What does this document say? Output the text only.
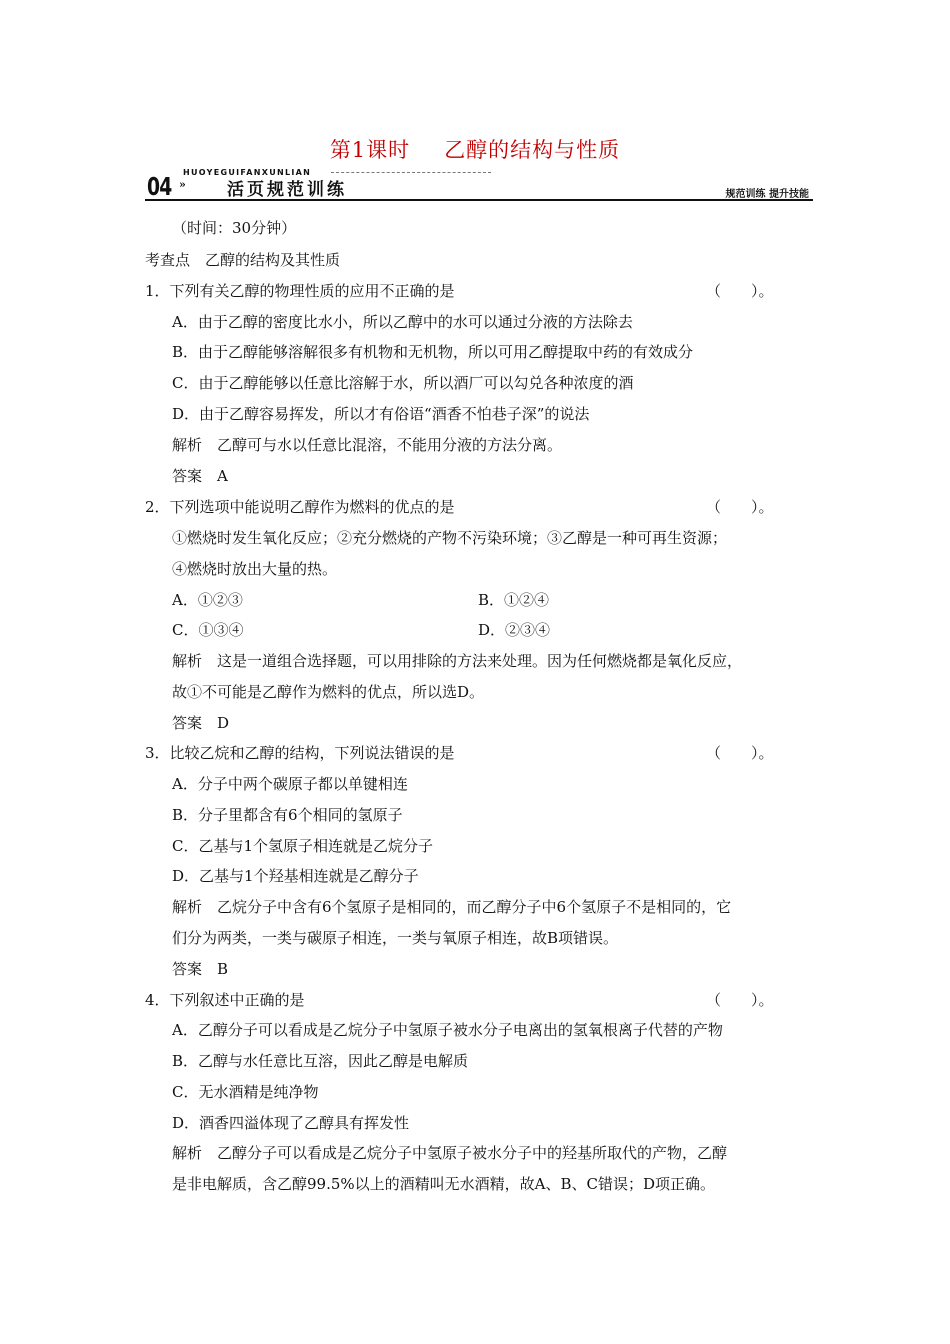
第1课时 乙醇的结构与性质
HUOYEGUIFANXUNLIAN
04 » 活页规范训练	规范训练 提升技能
（时间：30分钟）
考查点　乙醇的结构及其性质
1．下列有关乙醇的物理性质的应用不正确的是	（　　）。
A．由于乙醇的密度比水小，所以乙醇中的水可以通过分液的方法除去
B．由于乙醇能够溶解很多有机物和无机物，所以可用乙醇提取中药的有效成分
C．由于乙醇能够以任意比溶解于水，所以酒厂可以勾兑各种浓度的酒
D．由于乙醇容易挥发，所以才有俗语“酒香不怕巷子深”的说法
解析　乙醇可与水以任意比混溶，不能用分液的方法分离。
答案　A
2．下列选项中能说明乙醇作为燃料的优点的是	（　　）。
①燃烧时发生氧化反应；②充分燃烧的产物不污染环境；③乙醇是一种可再生资源；
④燃烧时放出大量的热。
A．①②③	B．①②④
C．①③④	D．②③④
解析　这是一道组合选择题，可以用排除的方法来处理。因为任何燃烧都是氧化反应，
故①不可能是乙醇作为燃料的优点，所以选D。
答案　D
3．比较乙烷和乙醇的结构，下列说法错误的是	（　　）。
A．分子中两个碳原子都以单键相连
B．分子里都含有6个相同的氢原子
C．乙基与1个氢原子相连就是乙烷分子
D．乙基与1个羟基相连就是乙醇分子
解析　乙烷分子中含有6个氢原子是相同的，而乙醇分子中6个氢原子不是相同的，它
们分为两类，一类与碳原子相连，一类与氧原子相连，故B项错误。
答案　B
4．下列叙述中正确的是	（　　）。
A．乙醇分子可以看成是乙烷分子中氢原子被水分子电离出的氢氧根离子代替的产物
B．乙醇与水任意比互溶，因此乙醇是电解质
C．无水酒精是纯净物
D．酒香四溢体现了乙醇具有挥发性
解析　乙醇分子可以看成是乙烷分子中氢原子被水分子中的羟基所取代的产物，乙醇
是非电解质，含乙醇99.5%以上的酒精叫无水酒精，故A、B、C错误；D项正确。
